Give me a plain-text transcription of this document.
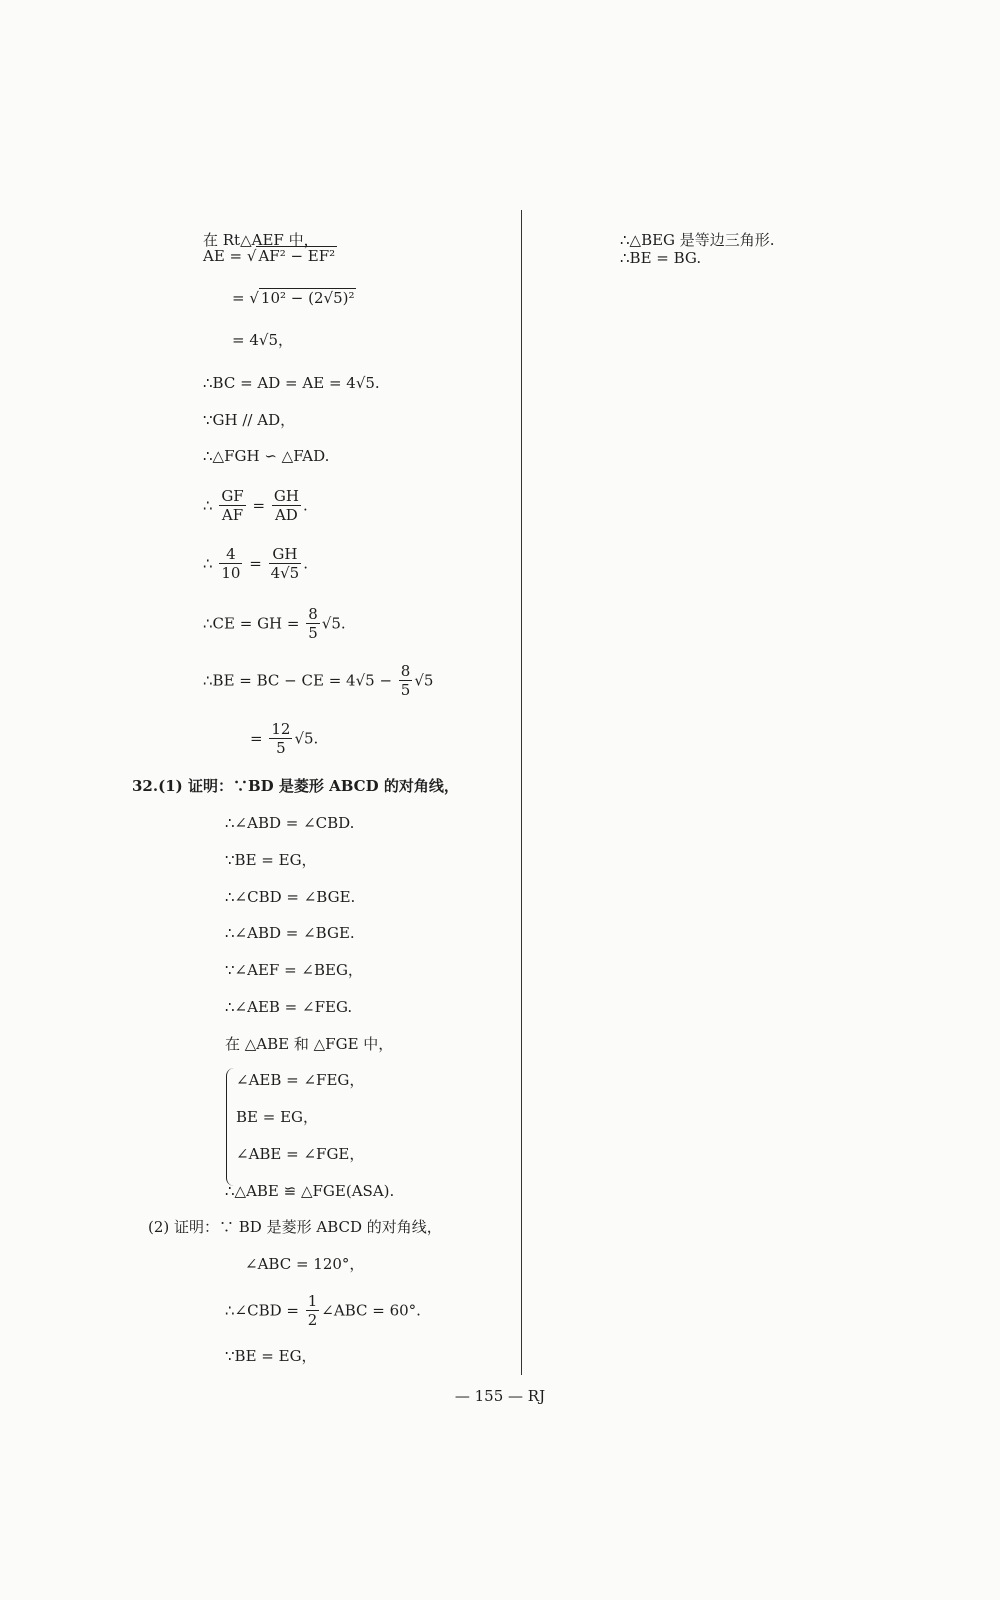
在 Rt△AEF 中，
AE = √ AF² − EF²
= √ 10² − (2√5)²
= 4√5，
∴BC = AD = AE = 4√5.
∵GH // AD，
∴△FGH ∽ △FAD.
∴ $\frac{GF}{AF} = \frac{GH}{AD}$ .
∴ $\frac{4}{10} = \frac{GH}{4√5}$ .
∴CE = GH = $\frac{8}{5} √5$.
∴BE = BC − CE = $4√5 - \frac{8}{5} √5$
= $\frac{12}{5} √5$.
32.(1) 证明：∵BD 是菱形 ABCD 的对角线，
∴∠ABD = ∠CBD.
∵BE = EG，
∴∠CBD = ∠BGE.
∴∠ABD = ∠BGE.
∵∠AEF = ∠BEG，
∴∠AEB = ∠FEG.
在 △ABE 和 △FGE 中，
∠AEB = ∠FEG，
BE = EG，
∠ABE = ∠FGE，
∴△ABE ≌ △FGE(ASA).
(2) 证明：∵ BD 是菱形 ABCD 的对角线，
∠ABC = 120°，
∴∠CBD = $\frac{1}{2}$ ∠ABC = 60°.
∵BE = EG，
∴△BEG 是等边三角形.
∴BE = BG.
— 155 — RJ
